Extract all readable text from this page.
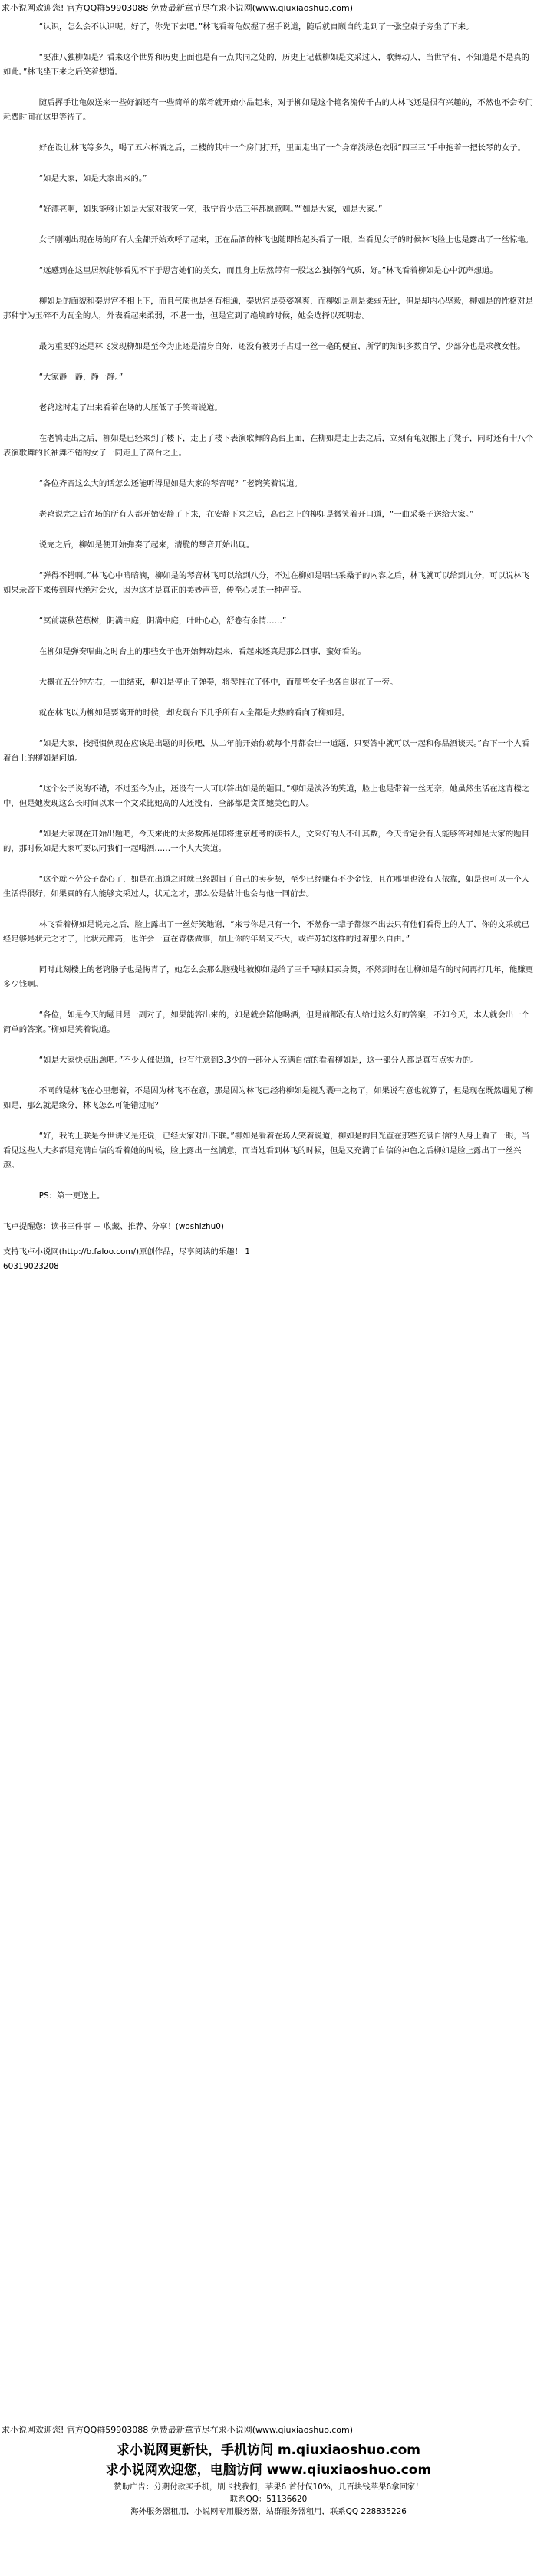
求小说网欢迎您! 官方QQ群59903088 免费最新章节尽在求小说网(www.qiuxiaoshuo.com)
“认识，怎么会不认识呢，好了，你先下去吧。”林飞看着龟奴握了握手说道，随后就自顾自的走到了一张空桌子旁坐了下来。
“要准八独柳如是？看来这个世界和历史上面也是有一点共同之处的，历史上记载柳如是文采过人，歌舞动人，当世罕有，不知道是不是真的如此。”林飞坐下来之后笑着想道。
随后挥手让龟奴送来一些好酒还有一些简单的菜肴就开始小品起来，对于柳如是这个艳名流传千古的人林飞还是很有兴趣的，不然也不会专门耗费时间在这里等待了。
好在设让林飞等多久，喝了五六杯酒之后，二楼的其中一个房门打开，里面走出了一个身穿淡绿色衣服“四三三”手中抱着一把长琴的女子。
“如是大家，如是大家出来的。”
“好漂亮啊，如果能够让如是大家对我笑一笑，我宁肯少活三年都愿意啊。”“如是大家，如是大家。”
女子刚刚出现在场的所有人全都开始欢呼了起来，正在品酒的林飞也随即抬起头看了一眼，当看见女子的时候林飞脸上也是露出了一丝惊艳。
“远感到在这里居然能够看见不下于思宫她们的美女，而且身上居然带有一股这么独特的气质，好。”林飞看着柳如是心中沉声想道。
柳如是的面貌和秦思宫不相上下，而且气质也是各有相通，秦思宫是英姿飒爽，而柳如是则是柔弱无比，但是却内心坚毅，柳如是的性格对是那种宁为玉碎不为瓦全的人，外表看起来柔弱，不堪一击，但是宣到了绝境的时候，她会选择以死明志。
最为重要的还是林飞发现柳如是至今为止还是清身自好，还没有被男子占过一丝一毫的便宜，所学的知识多数自学，少部分也是求教女性。
“大家静一静，静一静。”
老鸨这时走了出来看着在场的人压低了手笑着说道。
在老鸨走出之后，柳如是已经来到了楼下，走上了楼下表演歌舞的高台上面，在柳如是走上去之后，立刻有龟奴搬上了凳子，同时还有十八个表演歌舞的长袖舞不错的女子一同走上了高台之上。
“各位齐音这么大的话怎么还能听得见如是大家的琴音呢？”老鸨笑着说道。
老鸨说完之后在场的所有人都开始安静了下来，在安静下来之后，高台之上的柳如是微笑着开口道，“一曲采桑子送给大家。”
说完之后，柳如是便开始弹奏了起来，清脆的琴音开始出现。
“弹得不错啊。”林飞心中暗暗滴，柳如是的琴音林飞可以给到八分，不过在柳如是唱出采桑子的内容之后，林飞就可以给到九分，可以说林飞如果录音下来传到现代绝对会火，因为这才是真正的美妙声音，传至心灵的一种声音。
“冥前凄秋芭蕉树，阴满中庭，阴满中庭，叶叶心心，舒卷有余情……”
在柳如是弹奏唱曲之时台上的那些女子也开始舞动起来，看起来还真是那么回事，蛮好看的。
大概在五分钟左右，一曲结束，柳如是停止了弹奏，将琴推在了怀中，而那些女子也各自退在了一旁。
就在林飞以为柳如是要离开的时候，却发现台下几乎所有人全都是火热的看向了柳如是。
“如是大家，按照惯例现在应该是出题的时候吧，从二年前开始你就每个月都会出一道题，只要答中就可以一起和你品酒谈天。”台下一个人看着台上的柳如是问道。
“这个公子说的不错，不过至今为止，还设有一人可以答出如是的题目。”柳如是淡泠的笑道，脸上也是带着一丝无奈，她虽然生活在这青楼之中，但是她发现这么长时间以来一个文采比她高的人还没有，全部都是贪图她美色的人。
“如是大家现在开始出题吧，今天来此的大多数都是即将进京赶考的读书人，文采好的人不计其数，今天肯定会有人能够答对如是大家的题目的，那时候如是大家可要以同我们一起喝酒……一个人大笑道。
“这个就不劳公子费心了，如是在出道之时就已经题目了自己的卖身契，至少已经赚有不少金钱，且在哪里也没有人依靠，如是也可以一个人生活得很好，如果真的有人能够文采过人，状元之才，那么公是估计也会与他一同前去。
林飞看着柳如是说完之后，脸上露出了一丝好笑地谢，“来亏你是只有一个，不然你一辈子都嫁不出去只有他们看得上的人了，你的文采就已经足够是状元之才了，比状元都高，也许会一直在青楼做事，加上你的年龄又不大，或许苏轼这样的过着那么自由。”
同时此刻楼上的老鸨肠子也是悔青了，她怎么会那么脑残地被柳如是给了三千两赎回卖身契，不然到时在让柳如是有的时间再打几年，能赚更多少钱啊。
“各位，如是今天的题目是一副对子，如果能答出来的，如是就会陪他喝酒，但是前都没有人给过这么好的答案，不如今天，本人就会出一个简单的答案。”柳如是笑着说道。
“如是大家快点出题吧。”不少人催促道，也有注意到3.3少的一部分人充满自信的看着柳如是，这一部分人都是真有点实力的。
不同的是林飞在心里想着，不是因为林飞不在意，那是因为林飞已经将柳如是视为囊中之物了，如果说有意也就算了，但是现在既然遇见了柳如是，那么就是缘分，林飞怎么可能错过呢？
“好，我的上联是今世讲义是还说，已经大家对出下联。”柳如是看着在场人笑着说道，柳如是的目光直在那些充满自信的人身上看了一眼，当看见这些人大多都是充满自信的看着她的时候，脸上露出一丝满意，而当她看到林飞的时候，但是又充满了自信的神色之后柳如是脸上露出了一丝兴趣。
PS：第一更送上。
飞卢提醒您：读书三件事 － 收藏、推荐、分享！(woshizhu0)
支持飞卢小说网(http://b.faloo.com/)原创作品，尽享阅读的乐趣！ 1
60319023208
求小说网欢迎您! 官方QQ群59903088 免费最新章节尽在求小说网(www.qiuxiaoshuo.com)
求小说网更新快，手机访问 m.qiuxiaoshuo.com
求小说网欢迎您，电脑访问 www.qiuxiaoshuo.com
赞助广告：分期付款买手机，刷卡找我们，苹果6 首付仅10%，几百块钱苹果6拿回家！
联系QQ：51136620
海外服务器租用，小说网专用服务器，站群服务器租用，联系QQ 228835226
